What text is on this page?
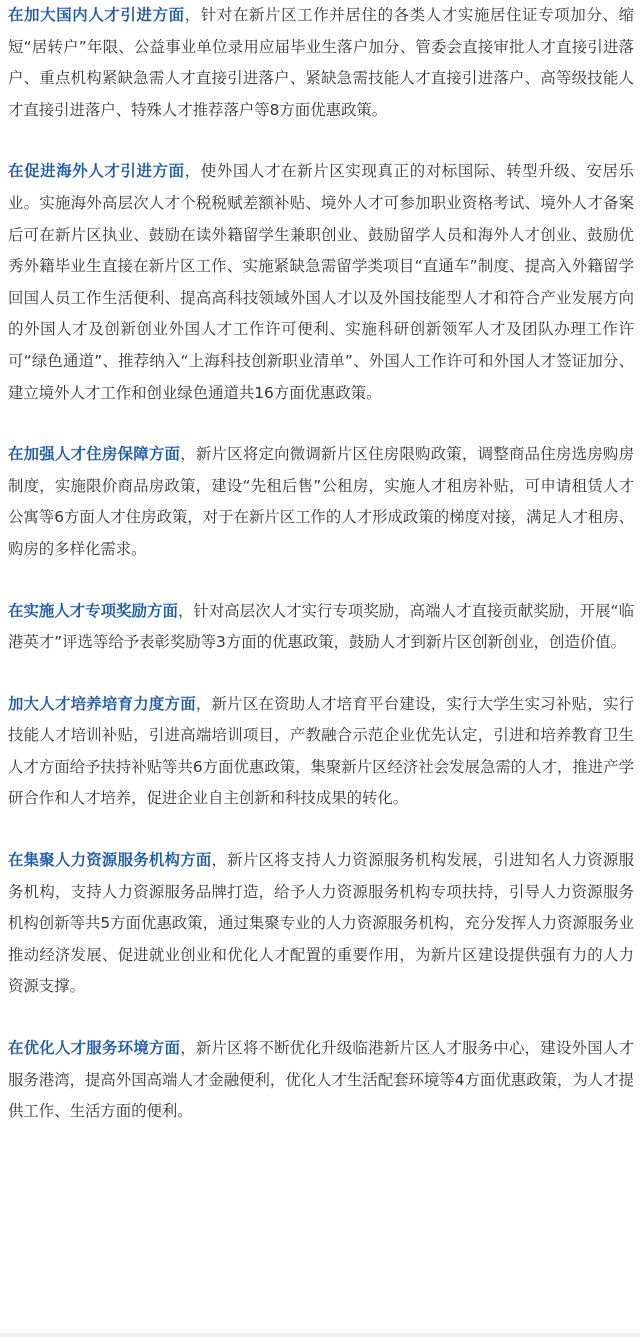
在加大国内人才引进方面，针对在新片区工作并居住的各类人才实施居住证专项加分、缩短“居转户”年限、公益事业单位录用应届毕业生落户加分、管委会直接审批人才直接引进落户、重点机构紧缺急需人才直接引进落户、紧缺急需技能人才直接引进落户、高等级技能人才直接引进落户、特殊人才推荐落户等8方面优惠政策。

在促进海外人才引进方面，使外国人才在新片区实现真正的对标国际、转型升级、安居乐业。实施海外高层次人才个税税赋差额补贴、境外人才可参加职业资格考试、境外人才备案后可在新片区执业、鼓励在读外籍留学生兼职创业、鼓励留学人员和海外人才创业、鼓励优秀外籍毕业生直接在新片区工作、实施紧缺急需留学类项目“直通车”制度、提高入外籍留学回国人员工作生活便利、提高高科技领域外国人才以及外国技能型人才和符合产业发展方向的外国人才及创新创业外国人才工作许可便利、实施科研创新领军人才及团队办理工作许可“绿色通道”、推荐纳入“上海科技创新职业清单”、外国人工作许可和外国人才签证加分、建立境外人才工作和创业绿色通道共16方面优惠政策。

在加强人才住房保障方面，新片区将定向微调新片区住房限购政策，调整商品住房选房购房制度，实施限价商品房政策，建设“先租后售”公租房，实施人才租房补贴，可申请租赁人才公寓等6方面人才住房政策，对于在新片区工作的人才形成政策的梯度对接，满足人才租房、购房的多样化需求。

在实施人才专项奖励方面，针对高层次人才实行专项奖励，高端人才直接贡献奖励，开展“临港英才”评选等给予表彰奖励等3方面的优惠政策，鼓励人才到新片区创新创业，创造价值。

加大人才培养培育力度方面，新片区在资助人才培育平台建设，实行大学生实习补贴，实行技能人才培训补贴，引进高端培训项目，产教融合示范企业优先认定，引进和培养教育卫生人才方面给予扶持补贴等共6方面优惠政策，集聚新片区经济社会发展急需的人才，推进产学研合作和人才培养，促进企业自主创新和科技成果的转化。

在集聚人力资源服务机构方面，新片区将支持人力资源服务机构发展，引进知名人力资源服务机构，支持人力资源服务品牌打造，给予人力资源服务机构专项扶持，引导人力资源服务机构创新等共5方面优惠政策，通过集聚专业的人力资源服务机构，充分发挥人力资源服务业推动经济发展、促进就业创业和优化人才配置的重要作用，为新片区建设提供强有力的人力资源支撑。

在优化人才服务环境方面，新片区将不断优化升级临港新片区人才服务中心，建设外国人才服务港湾，提高外国高端人才金融便利，优化人才生活配套环境等4方面优惠政策，为人才提供工作、生活方面的便利。
